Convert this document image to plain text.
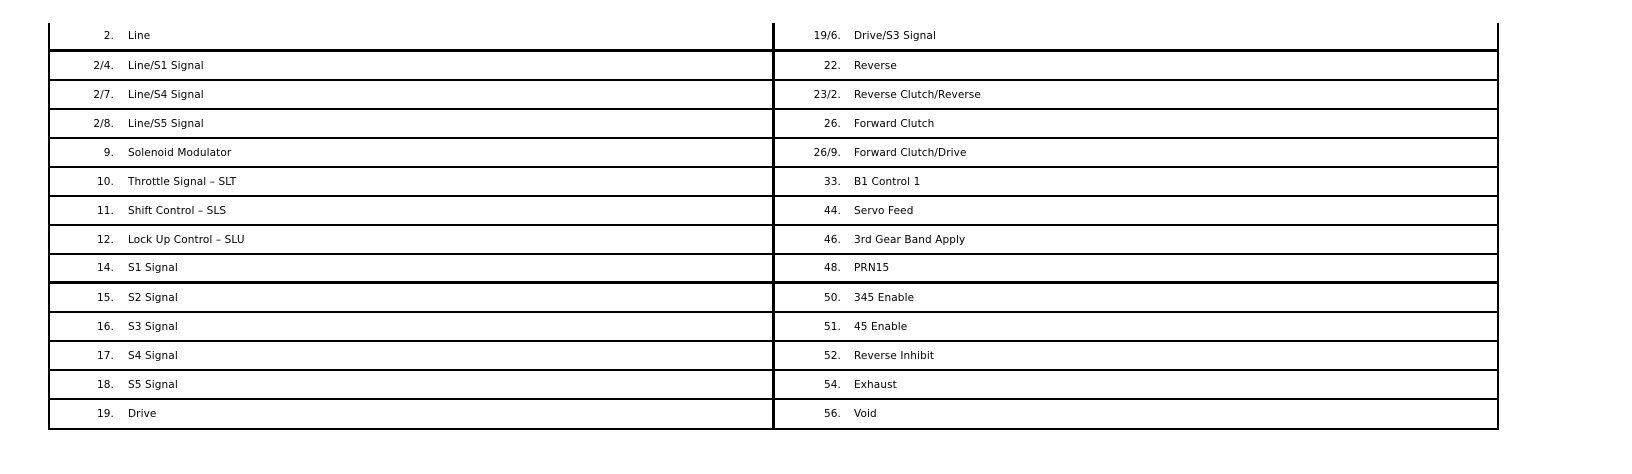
2.	Line
2/4.	Line/S1 Signal
2/7.	Line/S4 Signal
2/8.	Line/S5 Signal
9.	Solenoid Modulator
10.	Throttle Signal – SLT
11.	Shift Control – SLS
12.	Lock Up Control – SLU
14.	S1 Signal
15.	S2 Signal
16.	S3 Signal
17.	S4 Signal
18.	S5 Signal
19.	Drive
19/6.	Drive/S3 Signal
22.	Reverse
23/2.	Reverse Clutch/Reverse
26.	Forward Clutch
26/9.	Forward Clutch/Drive
33.	B1 Control 1
44.	Servo Feed
46.	3rd Gear Band Apply
48.	PRN15
50.	345 Enable
51.	45 Enable
52.	Reverse Inhibit
54.	Exhaust
56.	Void
